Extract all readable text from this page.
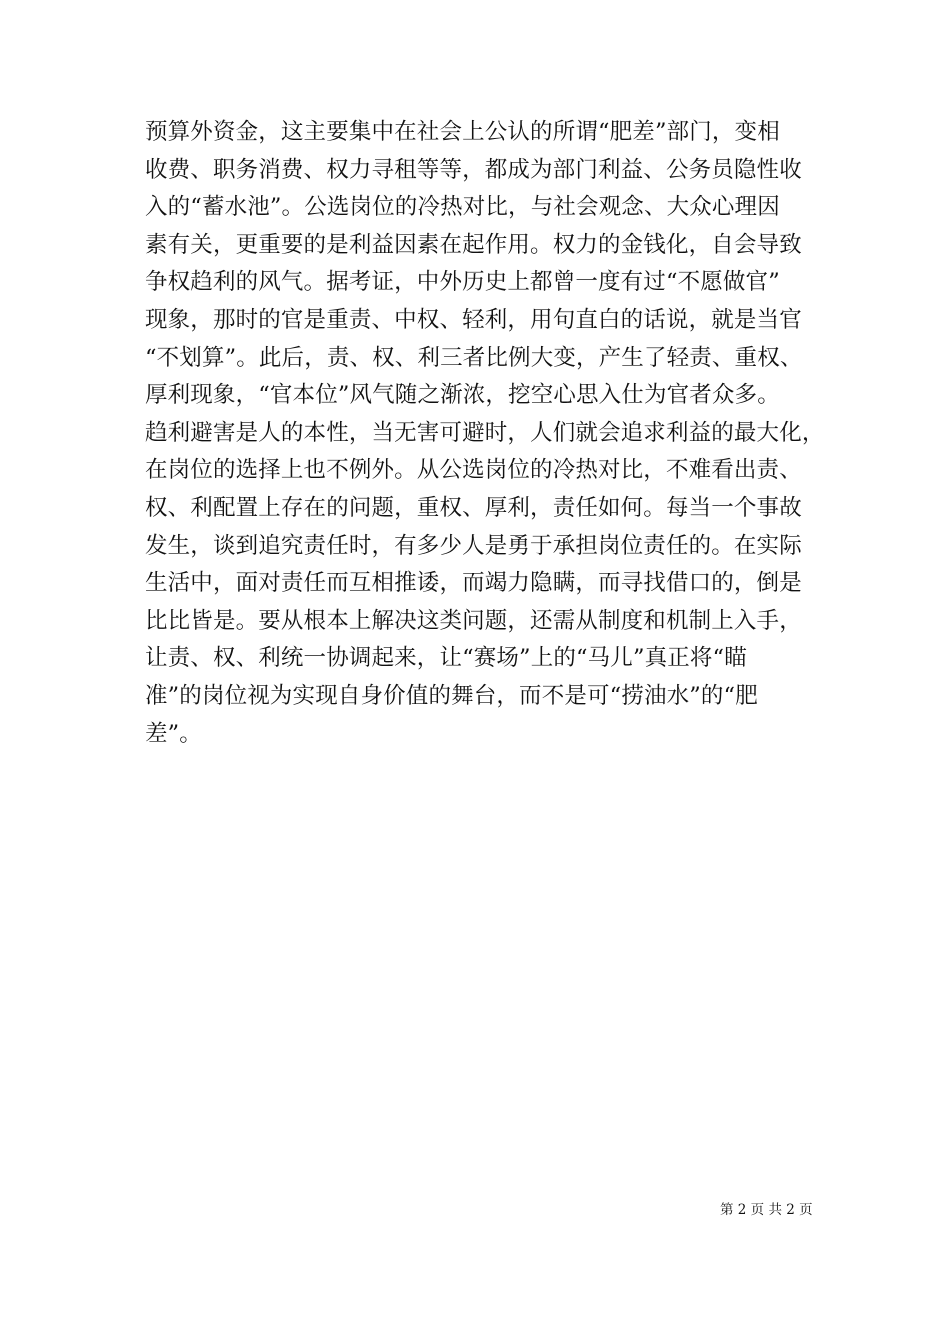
预算外资金，这主要集中在社会上公认的所谓“肥差”部门，变相
收费、职务消费、权力寻租等等，都成为部门利益、公务员隐性收
入的“蓄水池”。公选岗位的冷热对比，与社会观念、大众心理因
素有关，更重要的是利益因素在起作用。权力的金钱化，自会导致
争权趋利的风气。据考证，中外历史上都曾一度有过“不愿做官”
现象，那时的官是重责、中权、轻利，用句直白的话说，就是当官
“不划算”。此后，责、权、利三者比例大变，产生了轻责、重权、
厚利现象，“官本位”风气随之渐浓，挖空心思入仕为官者众多。
趋利避害是人的本性，当无害可避时，人们就会追求利益的最大化，
在岗位的选择上也不例外。从公选岗位的冷热对比，不难看出责、
权、利配置上存在的问题，重权、厚利，责任如何。每当一个事故
发生，谈到追究责任时，有多少人是勇于承担岗位责任的。在实际
生活中，面对责任而互相推诿，而竭力隐瞒，而寻找借口的，倒是
比比皆是。要从根本上解决这类问题，还需从制度和机制上入手，
让责、权、利统一协调起来，让“赛场”上的“马儿”真正将“瞄
准”的岗位视为实现自身价值的舞台，而不是可“捞油水”的“肥
差”。
第 2 页 共 2 页
